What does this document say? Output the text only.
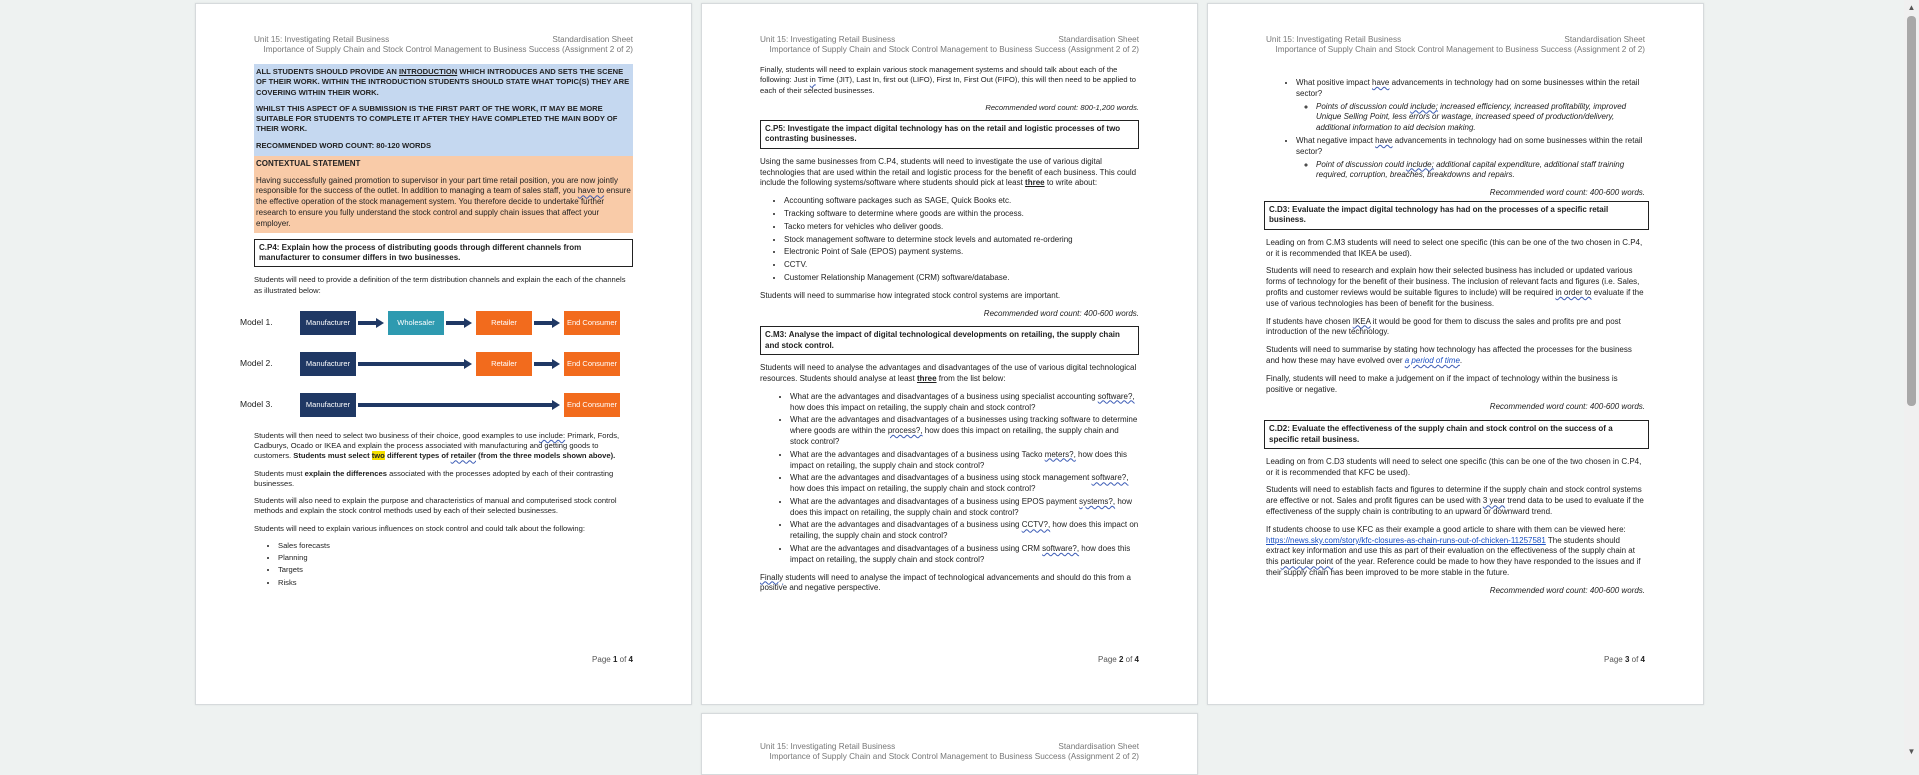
Unit 15: Investigating Retail Business	Standardisation Sheet
Importance of Supply Chain and Stock Control Management to Business Success (Assignment 2 of 2)

ALL STUDENTS SHOULD PROVIDE AN INTRODUCTION WHICH INTRODUCES AND SETS THE SCENE OF THEIR WORK. WITHIN THE INTRODUCTION STUDENTS SHOULD STATE WHAT TOPIC(S) THEY ARE COVERING WITHIN THEIR WORK.

WHILST THIS ASPECT OF A SUBMISSION IS THE FIRST PART OF THE WORK, IT MAY BE MORE SUITABLE FOR STUDENTS TO COMPLETE IT AFTER THEY HAVE COMPLETED THE MAIN BODY OF THEIR WORK.

RECOMMENDED WORD COUNT: 80-120 WORDS

CONTEXTUAL STATEMENT

Having successfully gained promotion to supervisor in your part time retail position, you are now jointly responsible for the success of the outlet. In addition to managing a team of sales staff, you have to ensure the effective operation of the stock management system. You therefore decide to undertake further research to ensure you fully understand the stock control and supply chain issues that affect your employer.

C.P4: Explain how the process of distributing goods through different channels from manufacturer to consumer differs in two businesses.

Students will need to provide a definition of the term distribution channels and explain the each of the channels as illustrated below:

Model 1.	Manufacturer	Wholesaler	Retailer	End Consumer
Model 2.	Manufacturer	Retailer	End Consumer
Model 3.	Manufacturer	End Consumer

Students will then need to select two business of their choice, good examples to use include: Primark, Fords, Cadburys, Ocado or IKEA and explain the process associated with manufacturing and getting goods to customers. Students must select two different types of retailer (from the three models shown above).

Students must explain the differences associated with the processes adopted by each of their contrasting businesses.

Students will also need to explain the purpose and characteristics of manual and computerised stock control methods and explain the stock control methods used by each of their selected businesses.

Students will need to explain various influences on stock control and could talk about the following:

• Sales forecasts
• Planning
• Targets
• Risks
Page 1 of 4
Unit 15: Investigating Retail Business	Standardisation Sheet
Importance of Supply Chain and Stock Control Management to Business Success (Assignment 2 of 2)

Finally, students will need to explain various stock management systems and should talk about each of the following: Just in Time (JIT), Last In, first out (LIFO), First In, First Out (FIFO), this will then need to be applied to each of their selected businesses.

Recommended word count: 800-1,200 words.

C.P5: Investigate the impact digital technology has on the retail and logistic processes of two contrasting businesses.

Using the same businesses from C.P4, students will need to investigate the use of various digital technologies that are used within the retail and logistic process for the benefit of each business. This could include the following systems/software where students should pick at least three to write about:

• Accounting software packages such as SAGE, Quick Books etc.
• Tracking software to determine where goods are within the process.
• Tacko meters for vehicles who deliver goods.
• Stock management software to determine stock levels and automated re-ordering
• Electronic Point of Sale (EPOS) payment systems.
• CCTV.
• Customer Relationship Management (CRM) software/database.

Students will need to summarise how integrated stock control systems are important.

Recommended word count: 400-600 words.

C.M3: Analyse the impact of digital technological developments on retailing, the supply chain and stock control.

Students will need to analyse the advantages and disadvantages of the use of various digital technological resources. Students should analyse at least three from the list below:

• What are the advantages and disadvantages of a business using specialist accounting software?, how does this impact on retailing, the supply chain and stock control?
• What are the advantages and disadvantages of a businesses using tracking software to determine where goods are within the process?, how does this impact on retailing, the supply chain and stock control?
• What are the advantages and disadvantages of a business using Tacko meters?, how does this impact on retailing, the supply chain and stock control?
• What are the advantages and disadvantages of a business using stock management software?, how does this impact on retailing, the supply chain and stock control?
• What are the advantages and disadvantages of a business using EPOS payment systems?, how does this impact on retailing, the supply chain and stock control?
• What are the advantages and disadvantages of a business using CCTV?, how does this impact on retailing, the supply chain and stock control?
• What are the advantages and disadvantages of a business using CRM software?, how does this impact on retailing, the supply chain and stock control?

Finally students will need to analyse the impact of technological advancements and should do this from a positive and negative perspective.

Page 2 of 4
Unit 15: Investigating Retail Business	Standardisation Sheet
Importance of Supply Chain and Stock Control Management to Business Success (Assignment 2 of 2)
• What positive impact have advancements in technology had on some businesses within the retail sector?
◦ Points of discussion could include; increased efficiency, increased profitability, improved Unique Selling Point, less errors or wastage, increased speed of production/delivery, additional information to aid decision making.
• What negative impact have advancements in technology had on some businesses within the retail sector?
◦ Point of discussion could include; additional capital expenditure, additional staff training required, corruption, breaches, breakdowns and repairs.

Recommended word count: 400-600 words.

C.D3: Evaluate the impact digital technology has had on the processes of a specific retail business.

Leading on from C.M3 students will need to select one specific (this can be one of the two chosen in C.P4, or it is recommended that IKEA be used).

Students will need to research and explain how their selected business has included or updated various forms of technology for the benefit of their business. The inclusion of relevant facts and figures (i.e. Sales, profits and customer reviews would be suitable figures to include) will be required in order to evaluate if the use of various technologies has been of benefit for the business.

If students have chosen IKEA it would be good for them to discuss the sales and profits pre and post introduction of the new technology.

Students will need to summarise by stating how technology has affected the processes for the business and how these may have evolved over a period of time.

Finally, students will need to make a judgement on if the impact of technology within the business is positive or negative.

Recommended word count: 400-600 words.

C.D2: Evaluate the effectiveness of the supply chain and stock control on the success of a specific retail business.

Leading on from C.D3 students will need to select one specific (this can be one of the two chosen in C.P4, or it is recommended that KFC be used).

Students will need to establish facts and figures to determine if the supply chain and stock control systems are effective or not. Sales and profit figures can be used with 3 year trend data to be used to evaluate if the effectiveness of the supply chain is contributing to an upward or downward trend.

If students choose to use KFC as their example a good article to share with them can be viewed here: https://news.sky.com/story/kfc-closures-as-chain-runs-out-of-chicken-11257581 The students should extract key information and use this as part of their evaluation on the effectiveness of the supply chain at this particular point of the year. Reference could be made to how they have responded to the issues and if their supply chain has been improved to be more stable in the future.

Recommended word count: 400-600 words.

Page 3 of 4
Unit 15: Investigating Retail Business	Standardisation Sheet
Importance of Supply Chain and Stock Control Management to Business Success (Assignment 2 of 2)
▲
▼
